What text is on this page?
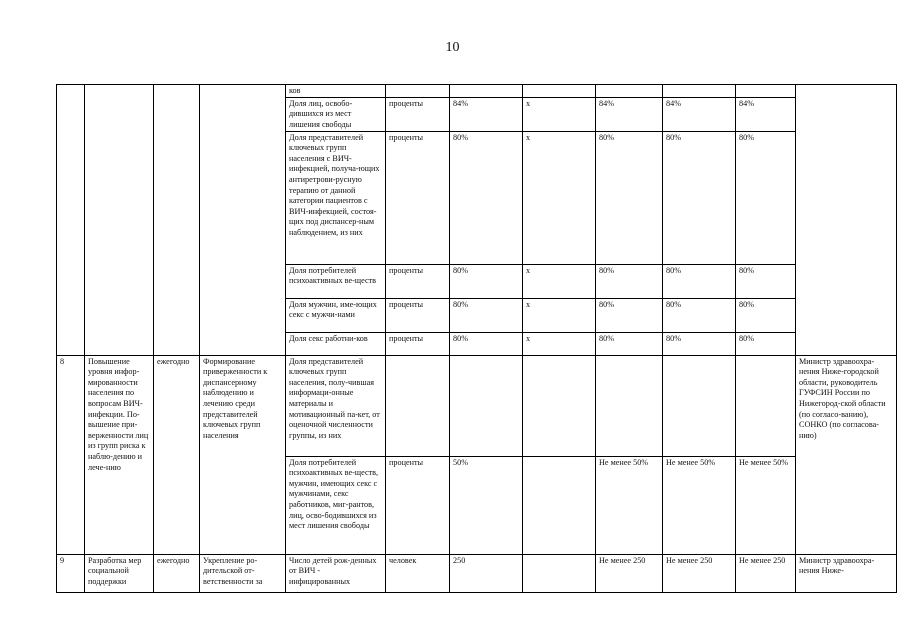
10
				ков							
				Доля лиц, освобо-дившихся из мест лишения свободы	проценты	84%	х	84%	84%	84%	
				Доля представителей ключевых групп населения с ВИЧ-инфекцией, получа-ющих антиретрови-русную терапию от данной категории пациентов с ВИЧ-инфекцией, состоя-щих под диспансер-ным наблюдением, из них	проценты	80%	х	80%	80%	80%	
				Доля потребителей психоактивных ве-ществ	проценты	80%	х	80%	80%	80%	
				Доля мужчин, име-ющих секс с мужчи-нами	проценты	80%	х	80%	80%	80%	
				Доля секс работни-ков	проценты	80%	х	80%	80%	80%	
8	Повышение уровня инфор-мированности населения по вопросам ВИЧ-инфекции. По-вышение при-верженности лиц из групп риска к наблю-дению и лече-нию	ежегодно	Формирование приверженности к диспансерному наблюдению и лечению среди представителей ключевых групп населения	Доля представителей ключевых групп населения, полу-чившая информаци-онные материалы и мотивационный па-кет, от оценочной численности группы, из них							Министр здравоохра-нения Ниже-городской области, руководитель ГУФСИН России по Нижегород-ской области (по согласо-ванию), СОНКО (по согласова-нию)
				Доля потребителей психоактивных ве-ществ, мужчин, имеющих секс с мужчинами, секс работников, миг-рантов, лиц, осво-бодившихся из мест лишения свободы	проценты	50%		Не менее 50%	Не менее 50%	Не менее 50%	
9	Разработка мер социальной поддержки	ежегодно	Укрепление ро-дительской от-ветственности за	Число детей рож-денных от ВИЧ - инфицированных	человек	250		Не менее 250	Не менее 250	Не менее 250	Министр здравоохра-нения Ниже-
